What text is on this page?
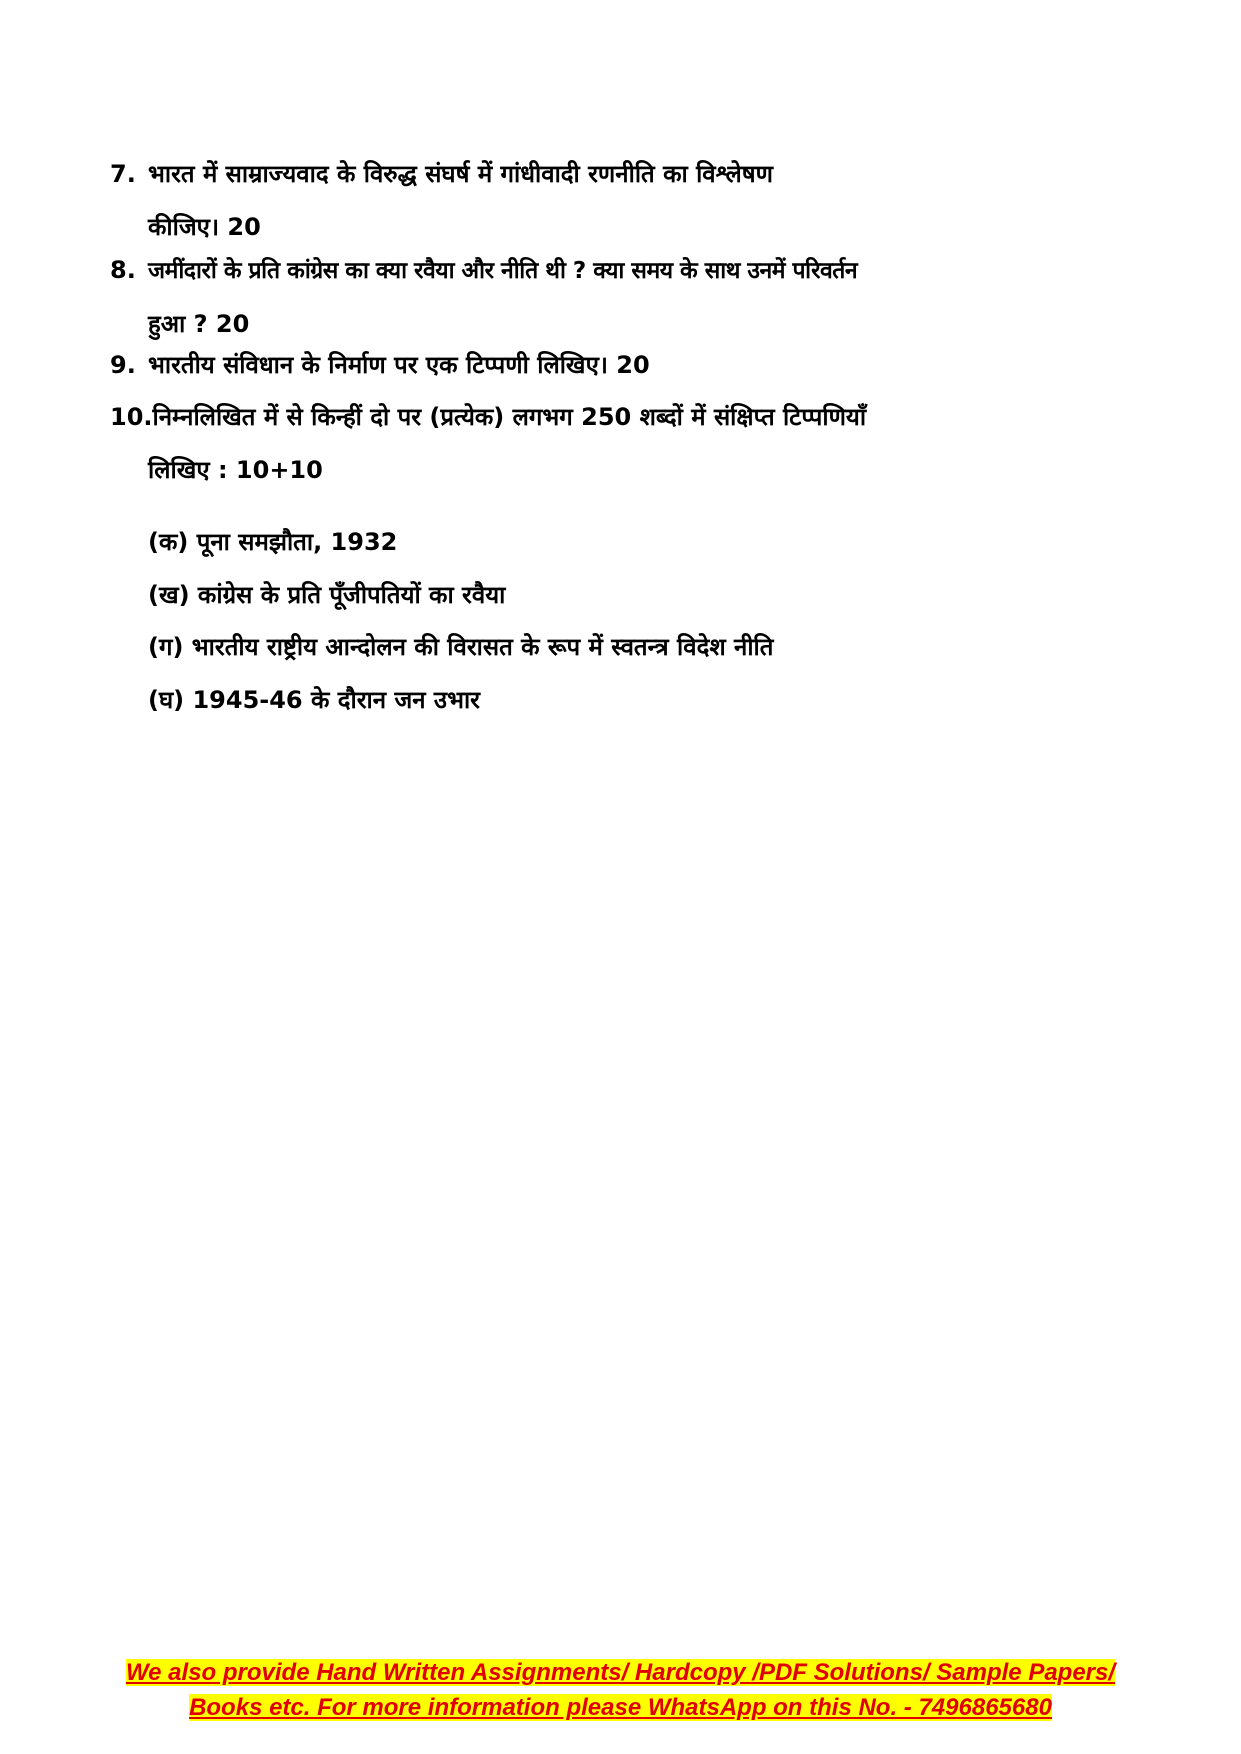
7. भारत में साम्राज्यवाद के विरुद्ध संघर्ष में गांधीवादी रणनीति का विश्लेषण
कीजिए। 20
8. जमींदारों के प्रति कांग्रेस का क्या रवैया और नीति थी ? क्या समय के साथ उनमें परिवर्तन
हुआ ? 20
9. भारतीय संविधान के निर्माण पर एक टिप्पणी लिखिए। 20
10.निम्नलिखित में से किन्हीं दो पर (प्रत्येक) लगभग 250 शब्दों में संक्षिप्त टिप्पणियाँ
लिखिए : 10+10
(क) पूना समझौता, 1932
(ख) कांग्रेस के प्रति पूँजीपतियों का रवैया
(ग) भारतीय राष्ट्रीय आन्दोलन की विरासत के रूप में स्वतन्त्र विदेश नीति
(घ) 1945-46 के दौरान जन उभार
We also provide Hand Written Assignments/ Hardcopy /PDF Solutions/ Sample Papers/
Books etc. For more information please WhatsApp on this No. - 7496865680
